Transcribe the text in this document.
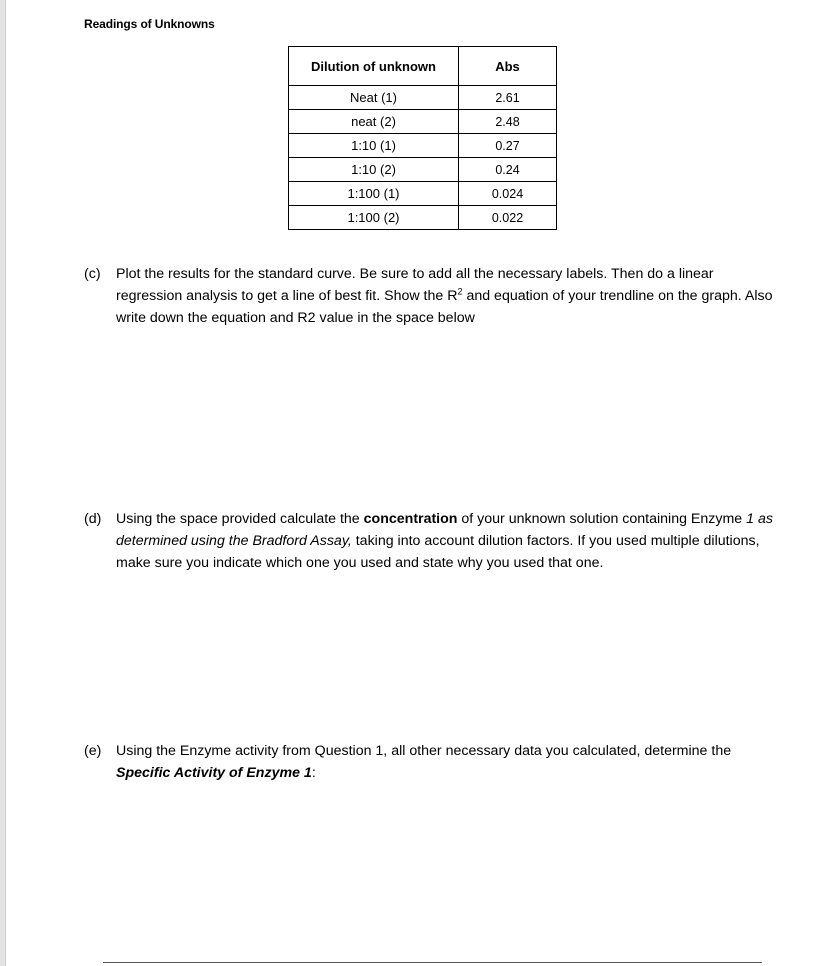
Readings of Unknowns
Dilution of unknown	Abs
Neat (1)	2.61
neat (2)	2.48
1:10 (1)	0.27
1:10 (2)	0.24
1:100 (1)	0.024
1:100 (2)	0.022
(c) Plot the results for the standard curve. Be sure to add all the necessary labels. Then do a linear regression analysis to get a line of best fit. Show the $R^2$ and equation of your trendline on the graph. Also write down the equation and R2 value in the space below
(d) Using the space provided calculate the concentration of your unknown solution containing Enzyme 1 as determined using the Bradford Assay, taking into account dilution factors. If you used multiple dilutions, make sure you indicate which one you used and state why you used that one.
(e) Using the Enzyme activity from Question 1, all other necessary data you calculated, determine the Specific Activity of Enzyme 1:
